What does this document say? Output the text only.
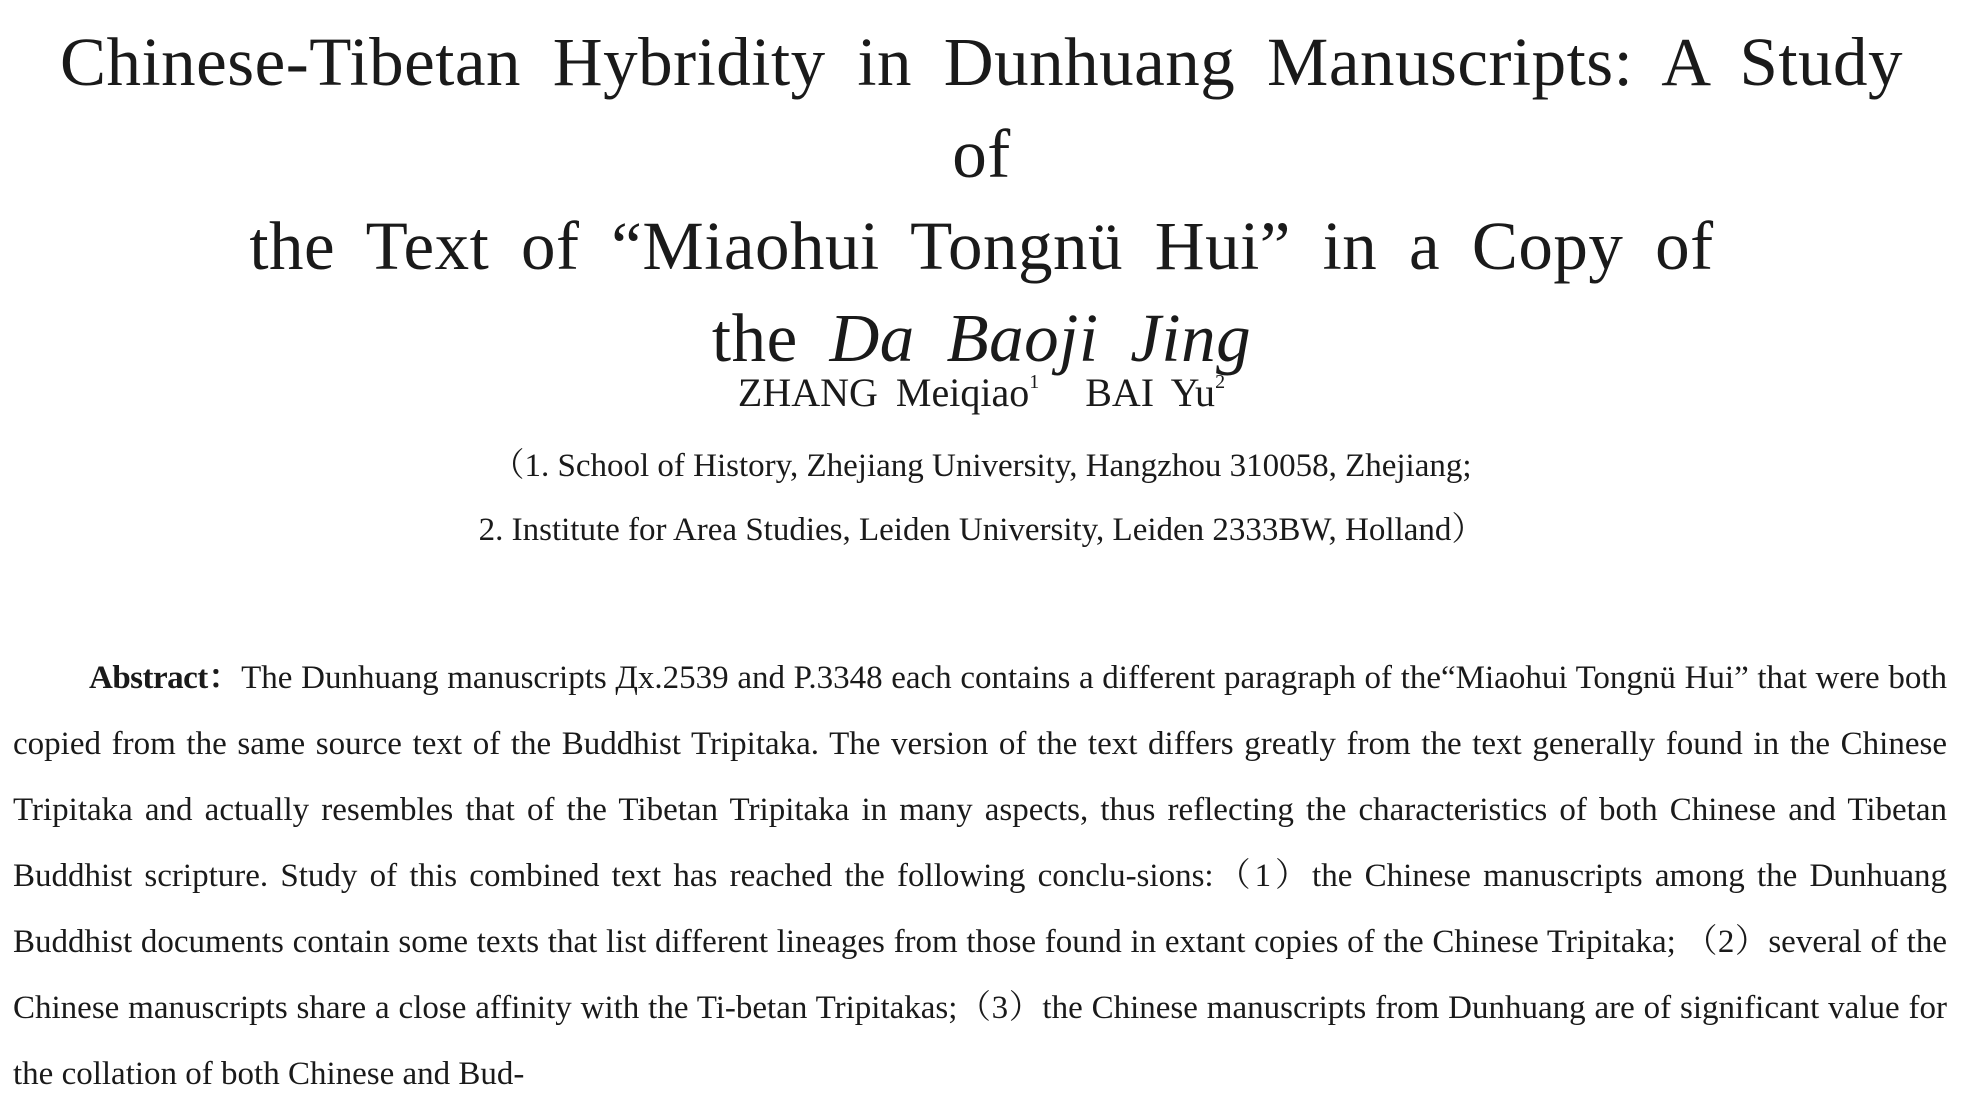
Chinese-Tibetan Hybridity in Dunhuang Manuscripts: A Study of
the Text of “Miaohui Tongnü Hui” in a Copy of
the Da Baoji Jing
ZHANG Meiqiao$^1$ BAI Yu$^2$
（1. School of History, Zhejiang University, Hangzhou 310058, Zhejiang;
2. Institute for Area Studies, Leiden University, Leiden 2333BW, Holland）

Abstract：The Dunhuang manuscripts Дх.2539 and P.3348 each contains a different paragraph of the“Miaohui Tongnü Hui” that were both copied from the same source text of the Buddhist Tripitaka. The version of the text differs greatly from the text generally found in the Chinese Tripitaka and actually resembles that of the Tibetan Tripitaka in many aspects, thus reflecting the characteristics of both Chinese and Tibetan Buddhist scripture. Study of this combined text has reached the following conclu-sions:（1）the Chinese manuscripts among the Dunhuang Buddhist documents contain some texts that list different lineages from those found in extant copies of the Chinese Tripitaka; （2）several of the Chinese manuscripts share a close affinity with the Ti-betan Tripitakas;（3）the Chinese manuscripts from Dunhuang are of significant value for the collation of both Chinese and Bud-
